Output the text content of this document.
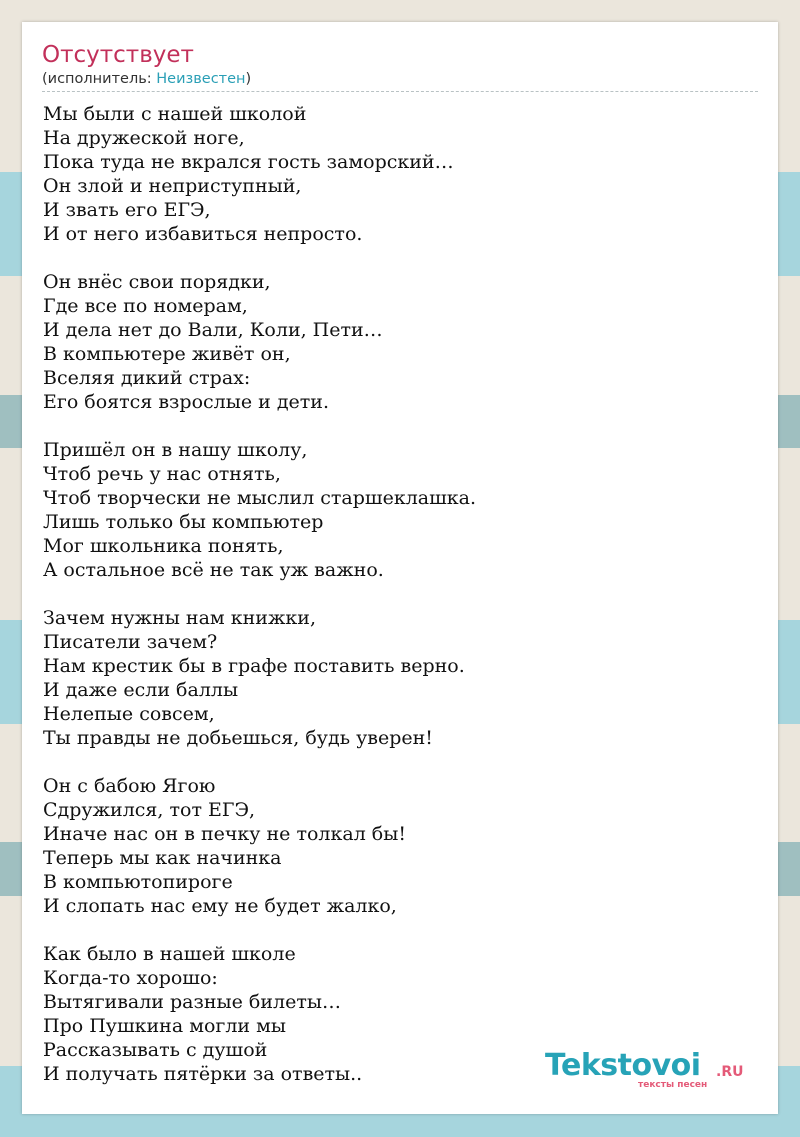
Отсутствует
(исполнитель: Неизвестен)
Мы были с нашей школой
На дружеской ноге,
Пока туда не вкрался гость заморский…
Он злой и неприступный,
И звать его ЕГЭ,
И от него избавиться непросто.
Он внёс свои порядки,
Где все по номерам,
И дела нет до Вали, Коли, Пети…
В компьютере живёт он,
Вселяя дикий страх:
Его боятся взрослые и дети.
Пришёл он в нашу школу,
Чтоб речь у нас отнять,
Чтоб творчески не мыслил старшеклашка.
Лишь только бы компьютер
Мог школьника понять,
А остальное всё не так уж важно.
Зачем нужны нам книжки,
Писатели зачем?
Нам крестик бы в графе поставить верно.
И даже если баллы
Нелепые совсем,
Ты правды не добьешься, будь уверен!
Он с бабою Ягою
Сдружился, тот ЕГЭ,
Иначе нас он в печку не толкал бы!
Теперь мы как начинка
В компьютопироге
И слопать нас ему не будет жалко,
Как было в нашей школе
Когда-то хорошо:
Вытягивали разные билеты…
Про Пушкина могли мы
Рассказывать с душой
И получать пятёрки за ответы..	Tekstovoi .RU
тексты песен
